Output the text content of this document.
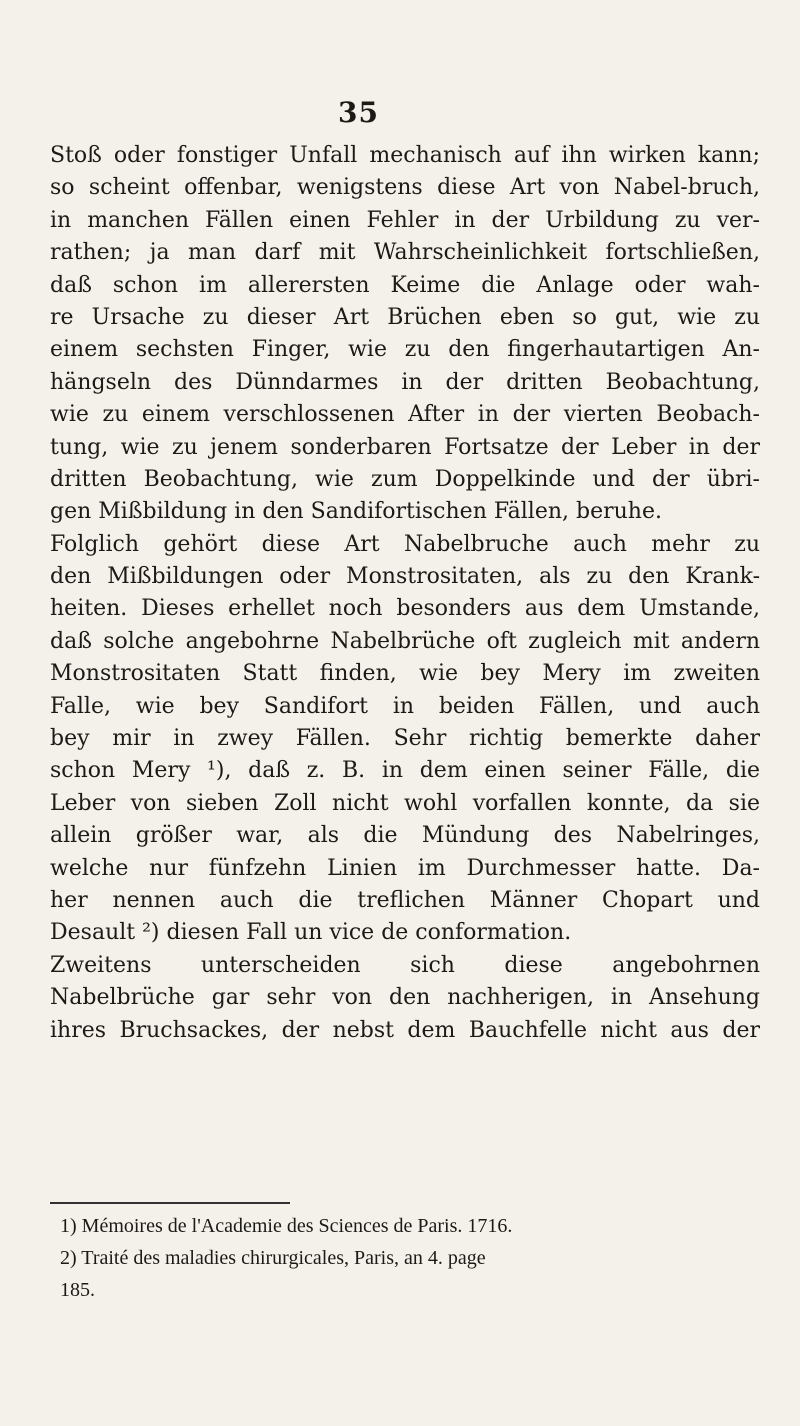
35
Stoß oder fonstiger Unfall mechanisch auf ihn wirken kann;
so scheint offenbar, wenigstens diese Art von Nabel-bruch,
in manchen Fällen einen Fehler in der Urbildung zu ver-
rathen; ja man darf mit Wahrscheinlichkeit fortschließen,
daß schon im allerersten Keime die Anlage oder wah-
re Ursache zu dieser Art Brüchen eben so gut, wie zu
einem sechsten Finger, wie zu den fingerhautartigen An-
hängseln des Dünndarmes in der dritten Beobachtung,
wie zu einem verschlossenen After in der vierten Beobach-
tung, wie zu jenem sonderbaren Fortsatze der Leber in der
dritten Beobachtung, wie zum Doppelkinde und der übri-
gen Mißbildung in den Sandifortischen Fällen, beruhe.
Folglich gehört diese Art Nabelbruche auch mehr zu
den Mißbildungen oder Monstrositaten, als zu den Krank-
heiten. Dieses erhellet noch besonders aus dem Umstande,
daß solche angebohrne Nabelbrüche oft zugleich mit andern
Monstrositaten Statt finden, wie bey Mery im zweiten
Falle, wie bey Sandifort in beiden Fällen, und auch
bey mir in zwey Fällen. Sehr richtig bemerkte daher
schon Mery ¹), daß z. B. in dem einen seiner Fälle, die
Leber von sieben Zoll nicht wohl vorfallen konnte, da sie
allein größer war, als die Mündung des Nabelringes,
welche nur fünfzehn Linien im Durchmesser hatte. Da-
her nennen auch die treflichen Männer Chopart und
Desault ²) diesen Fall un vice de conformation.
Zweitens unterscheiden sich diese angebohrnen
Nabelbrüche gar sehr von den nachherigen, in Ansehung
ihres Bruchsackes, der nebst dem Bauchfelle nicht aus der
1) Mémoires de l'Academie des Sciences de Paris. 1716.
2) Traité des maladies chirurgicales, Paris, an 4. page
185.
